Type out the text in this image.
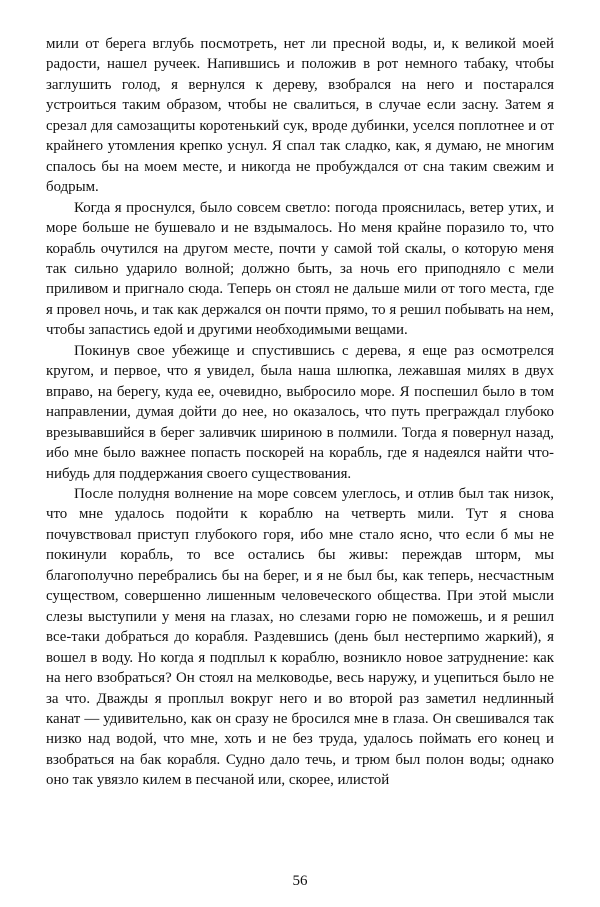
мили от берега вглубь посмотреть, нет ли пресной воды, и, к великой моей радости, нашел ручеек. Напившись и положив в рот немного табаку, чтобы заглушить голод, я вернулся к дереву, взобрался на него и постарался устроиться таким образом, чтобы не свалиться, в случае если засну. Затем я срезал для самозащиты коротенький сук, вроде дубинки, уселся поплотнее и от крайнего утомления крепко уснул. Я спал так сладко, как, я думаю, не многим спалось бы на моем месте, и никогда не пробуждался от сна таким свежим и бодрым.

Когда я проснулся, было совсем светло: погода прояснилась, ветер утих, и море больше не бушевало и не вздымалось. Но меня крайне поразило то, что корабль очутился на другом месте, почти у самой той скалы, о которую меня так сильно ударило волной; должно быть, за ночь его приподняло с мели приливом и пригнало сюда. Теперь он стоял не дальше мили от того места, где я провел ночь, и так как держался он почти прямо, то я решил побывать на нем, чтобы запастись едой и другими необходимыми вещами.

Покинув свое убежище и спустившись с дерева, я еще раз осмотрелся кругом, и первое, что я увидел, была наша шлюпка, лежавшая милях в двух вправо, на берегу, куда ее, очевидно, выбросило море. Я поспешил было в том направлении, думая дойти до нее, но оказалось, что путь преграждал глубоко врезывавшийся в берег заливчик шириною в полмили. Тогда я повернул назад, ибо мне было важнее попасть поскорей на корабль, где я надеялся найти что-нибудь для поддержания своего существования.

После полудня волнение на море совсем улеглось, и отлив был так низок, что мне удалось подойти к кораблю на четверть мили. Тут я снова почувствовал приступ глубокого горя, ибо мне стало ясно, что если б мы не покинули корабль, то все остались бы живы: переждав шторм, мы благополучно перебрались бы на берег, и я не был бы, как теперь, несчастным существом, совершенно лишенным человеческого общества. При этой мысли слезы выступили у меня на глазах, но слезами горю не поможешь, и я решил все-таки добраться до корабля. Раздевшись (день был нестерпимо жаркий), я вошел в воду. Но когда я подплыл к кораблю, возникло новое затруднение: как на него взобраться? Он стоял на мелководье, весь наружу, и уцепиться было не за что. Дважды я проплыл вокруг него и во второй раз заметил недлинный канат — удивительно, как он сразу не бросился мне в глаза. Он свешивался так низко над водой, что мне, хоть и не без труда, удалось поймать его конец и взобраться на бак корабля. Судно дало течь, и трюм был полон воды; однако оно так увязло килем в песчаной или, скорее, илистой

56
